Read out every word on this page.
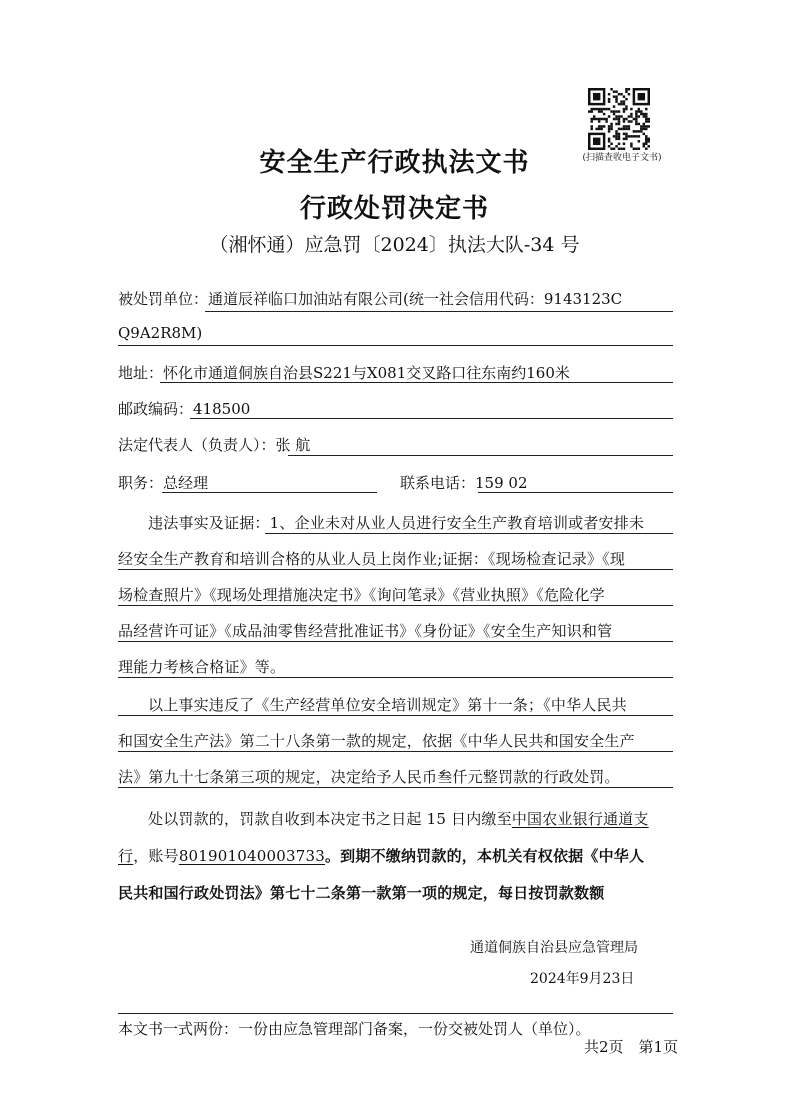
(扫描查收电子文书)
安全生产行政执法文书
行政处罚决定书
（湘怀通）应急罚〔2024〕执法大队-34 号
被处罚单位：通道辰祥临口加油站有限公司(统一社会信用代码：9143123C
Q9A2R8M)
地址：怀化市通道侗族自治县S221与X081交叉路口往东南约160米
邮政编码：418500
法定代表人（负责人）：张 航
职务：总经理	联系电话：159 02
违法事实及证据：1、企业未对从业人员进行安全生产教育培训或者安排未
经安全生产教育和培训合格的从业人员上岗作业;证据：《现场检查记录》《现
场检查照片》《现场处理措施决定书》《询问笔录》《营业执照》《危险化学
品经营许可证》《成品油零售经营批准证书》《身份证》《安全生产知识和管
理能力考核合格证》等。
以上事实违反了《生产经营单位安全培训规定》第十一条；《中华人民共
和国安全生产法》第二十八条第一款的规定，依据《中华人民共和国安全生产
法》第九十七条第三项的规定，决定给予人民币叁仟元整罚款的行政处罚。
处以罚款的，罚款自收到本决定书之日起 15 日内缴至中国农业银行通道支
行，账号801901040003733。到期不缴纳罚款的，本机关有权依据《中华人
民共和国行政处罚法》第七十二条第一款第一项的规定，每日按罚款数额
通道侗族自治县应急管理局
2024年9月23日
本文书一式两份：一份由应急管理部门备案，一份交被处罚人（单位）。
共2页　第1页
